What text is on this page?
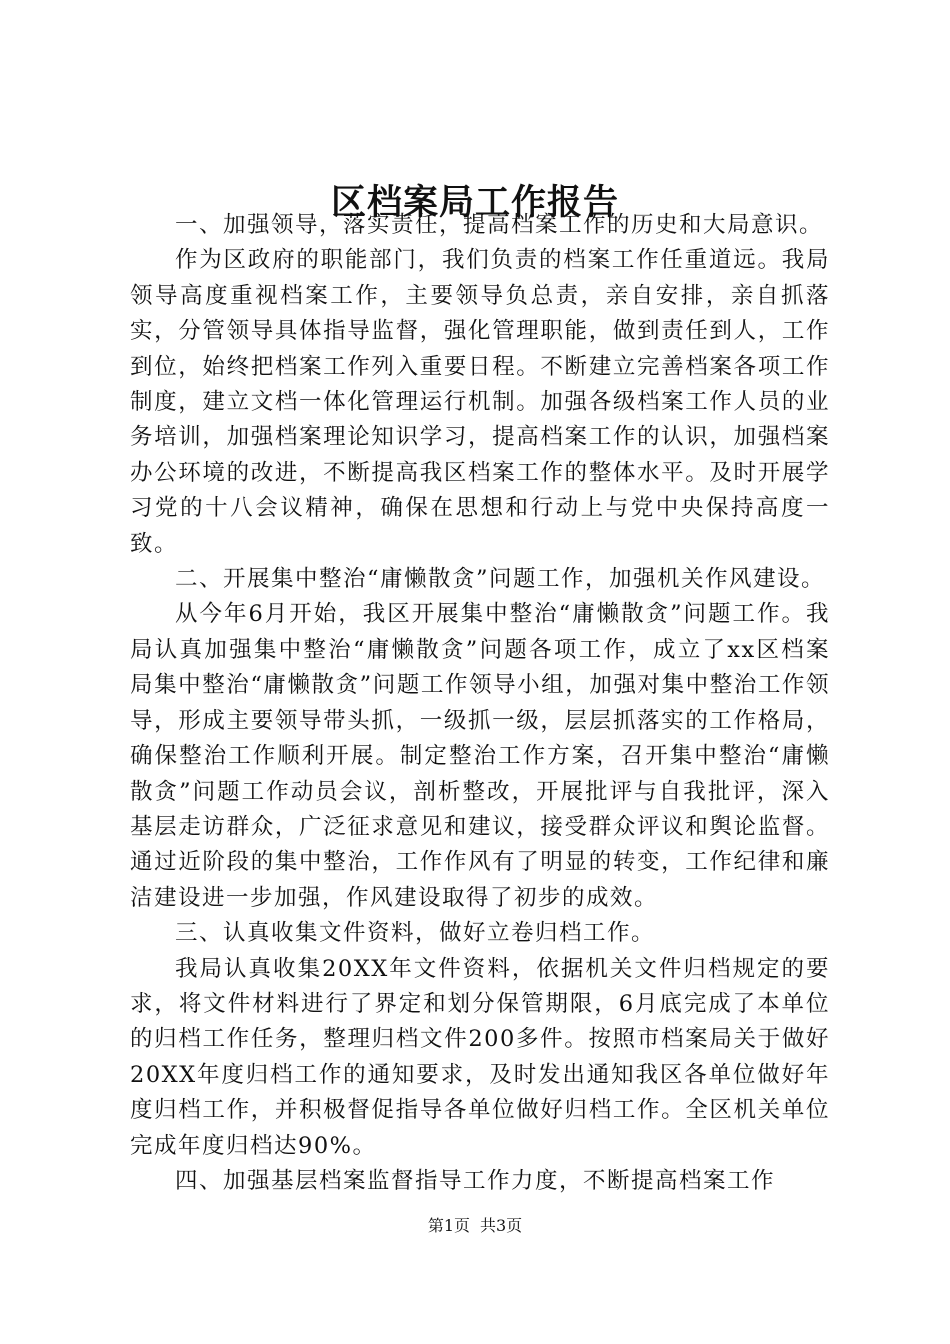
区档案局工作报告

一、加强领导，落实责任，提高档案工作的历史和大局意识。

作为区政府的职能部门，我们负责的档案工作任重道远。我局领导高度重视档案工作，主要领导负总责，亲自安排，亲自抓落实，分管领导具体指导监督，强化管理职能，做到责任到人，工作到位，始终把档案工作列入重要日程。不断建立完善档案各项工作制度，建立文档一体化管理运行机制。加强各级档案工作人员的业务培训，加强档案理论知识学习，提高档案工作的认识，加强档案办公环境的改进，不断提高我区档案工作的整体水平。及时开展学习党的十八会议精神，确保在思想和行动上与党中央保持高度一致。

二、开展集中整治“庸懒散贪”问题工作，加强机关作风建设。

从今年6月开始，我区开展集中整治“庸懒散贪”问题工作。我局认真加强集中整治“庸懒散贪”问题各项工作，成立了xx区档案局集中整治“庸懒散贪”问题工作领导小组，加强对集中整治工作领导，形成主要领导带头抓，一级抓一级，层层抓落实的工作格局，确保整治工作顺利开展。制定整治工作方案，召开集中整治“庸懒散贪”问题工作动员会议，剖析整改，开展批评与自我批评，深入基层走访群众，广泛征求意见和建议，接受群众评议和舆论监督。通过近阶段的集中整治，工作作风有了明显的转变，工作纪律和廉洁建设进一步加强，作风建设取得了初步的成效。

三、认真收集文件资料，做好立卷归档工作。

我局认真收集20XX年文件资料，依据机关文件归档规定的要求，将文件材料进行了界定和划分保管期限，6月底完成了本单位的归档工作任务，整理归档文件200多件。按照市档案局关于做好20XX年度归档工作的通知要求，及时发出通知我区各单位做好年度归档工作，并积极督促指导各单位做好归档工作。全区机关单位完成年度归档达90%。

四、加强基层档案监督指导工作力度，不断提高档案工作

第1页 共3页
